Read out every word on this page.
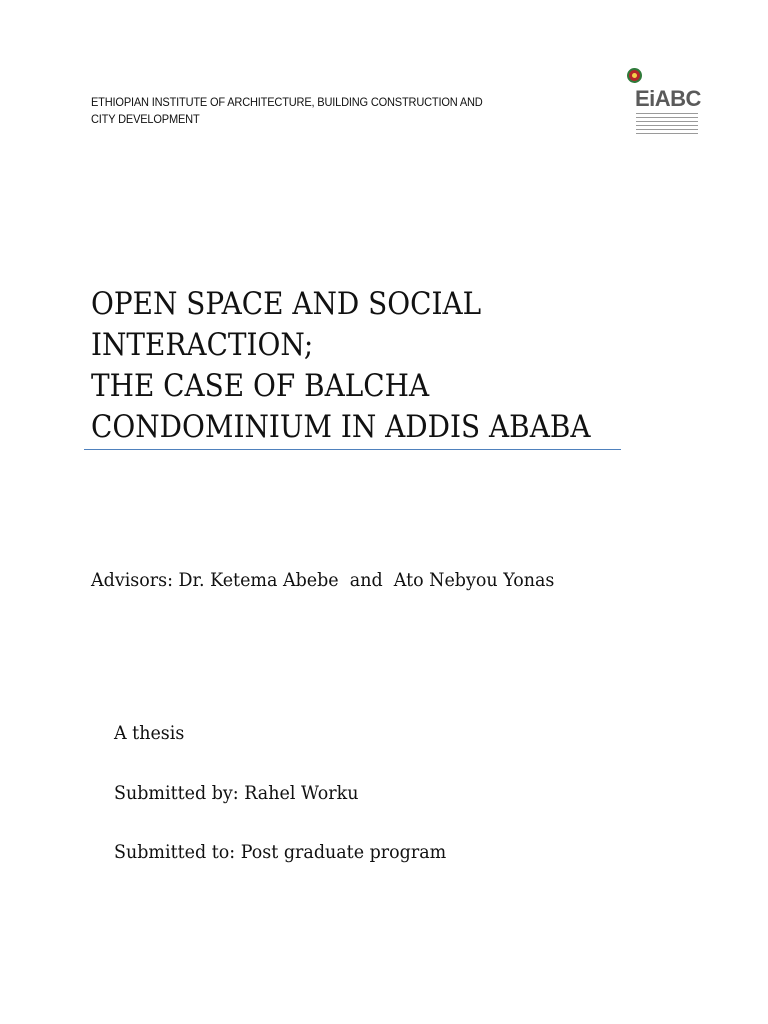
ETHIOPIAN INSTITUTE OF ARCHITECTURE, BUILDING CONSTRUCTION AND
CITY DEVELOPMENT
EiABC
OPEN SPACE AND SOCIAL
INTERACTION;
THE CASE OF BALCHA
CONDOMINIUM IN ADDIS ABABA
Advisors: Dr. Ketema Abebe  and  Ato Nebyou Yonas
A thesis
Submitted by: Rahel Worku
Submitted to: Post graduate program
